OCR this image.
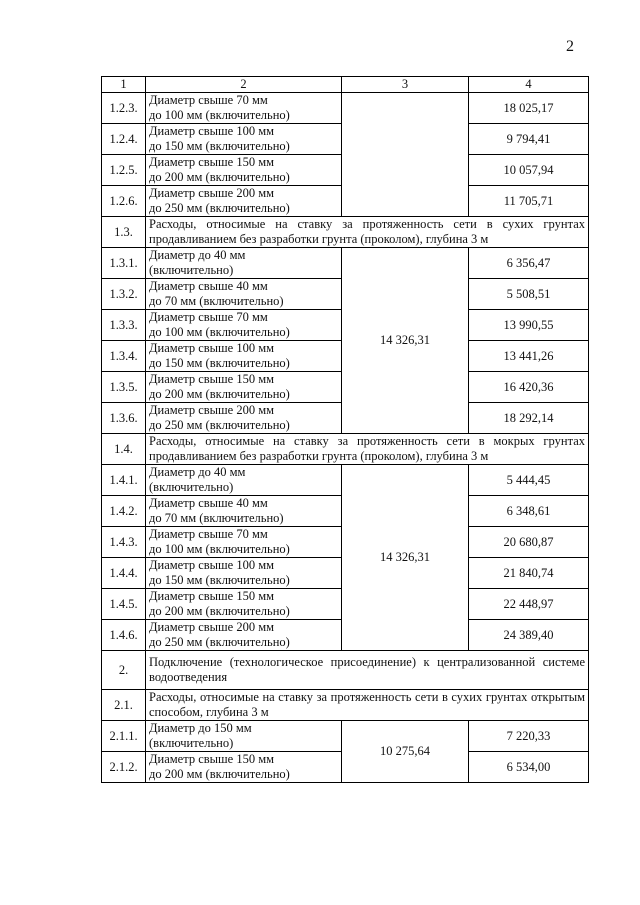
2
1	2	3	4
1.2.3.	Диаметр свыше 70 мм
до 100 мм (включительно)		18 025,17
1.2.4.	Диаметр свыше 100 мм
до 150 мм (включительно)		9 794,41
1.2.5.	Диаметр свыше 150 мм
до 200 мм (включительно)		10 057,94
1.2.6.	Диаметр свыше 200 мм
до 250 мм (включительно)		11 705,71
1.3.	Расходы, относимые на ставку за протяженность сети в сухих грунтах продавливанием без разработки грунта (проколом), глубина 3 м		
1.3.1.	Диаметр до 40 мм
(включительно)	14 326,31	6 356,47
1.3.2.	Диаметр свыше 40 мм
до 70 мм (включительно)		5 508,51
1.3.3.	Диаметр свыше 70 мм
до 100 мм (включительно)		13 990,55
1.3.4.	Диаметр свыше 100 мм
до 150 мм (включительно)		13 441,26
1.3.5.	Диаметр свыше 150 мм
до 200 мм (включительно)		16 420,36
1.3.6.	Диаметр свыше 200 мм
до 250 мм (включительно)		18 292,14
1.4.	Расходы, относимые на ставку за протяженность сети в мокрых грунтах продавливанием без разработки грунта (проколом), глубина 3 м		
1.4.1.	Диаметр до 40 мм
(включительно)	14 326,31	5 444,45
1.4.2.	Диаметр свыше 40 мм
до 70 мм (включительно)		6 348,61
1.4.3.	Диаметр свыше 70 мм
до 100 мм (включительно)		20 680,87
1.4.4.	Диаметр свыше 100 мм
до 150 мм (включительно)		21 840,74
1.4.5.	Диаметр свыше 150 мм
до 200 мм (включительно)		22 448,97
1.4.6.	Диаметр свыше 200 мм
до 250 мм (включительно)		24 389,40
2.	Подключение (технологическое присоединение) к централизованной системе водоотведения		
2.1.	Расходы, относимые на ставку за протяженность сети в сухих грунтах открытым способом, глубина 3 м		
2.1.1.	Диаметр до 150 мм
(включительно)	10 275,64	7 220,33
2.1.2.	Диаметр свыше 150 мм
до 200 мм (включительно)		6 534,00
